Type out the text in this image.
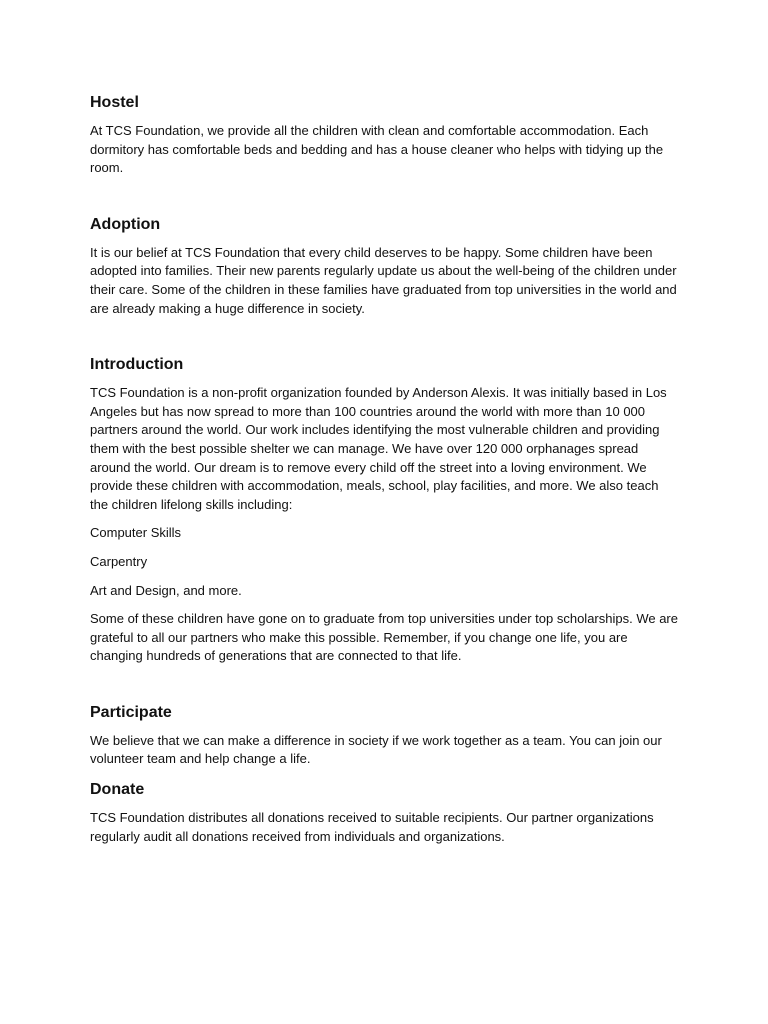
Hostel

At TCS Foundation, we provide all the children with clean and comfortable accommodation. Each dormitory has comfortable beds and bedding and has a house cleaner who helps with tidying up the room.

Adoption

It is our belief at TCS Foundation that every child deserves to be happy. Some children have been adopted into families. Their new parents regularly update us about the well-being of the children under their care. Some of the children in these families have graduated from top universities in the world and are already making a huge difference in society.

Introduction

TCS Foundation is a non-profit organization founded by Anderson Alexis. It was initially based in Los Angeles but has now spread to more than 100 countries around the world with more than 10 000 partners around the world. Our work includes identifying the most vulnerable children and providing them with the best possible shelter we can manage. We have over 120 000 orphanages spread around the world. Our dream is to remove every child off the street into a loving environment. We provide these children with accommodation, meals, school, play facilities, and more. We also teach the children lifelong skills including:

Computer Skills

Carpentry

Art and Design, and more.

Some of these children have gone on to graduate from top universities under top scholarships. We are grateful to all our partners who make this possible. Remember, if you change one life, you are changing hundreds of generations that are connected to that life.

Participate

We believe that we can make a difference in society if we work together as a team. You can join our volunteer team and help change a life.

Donate

TCS Foundation distributes all donations received to suitable recipients. Our partner organizations regularly audit all donations received from individuals and organizations.
